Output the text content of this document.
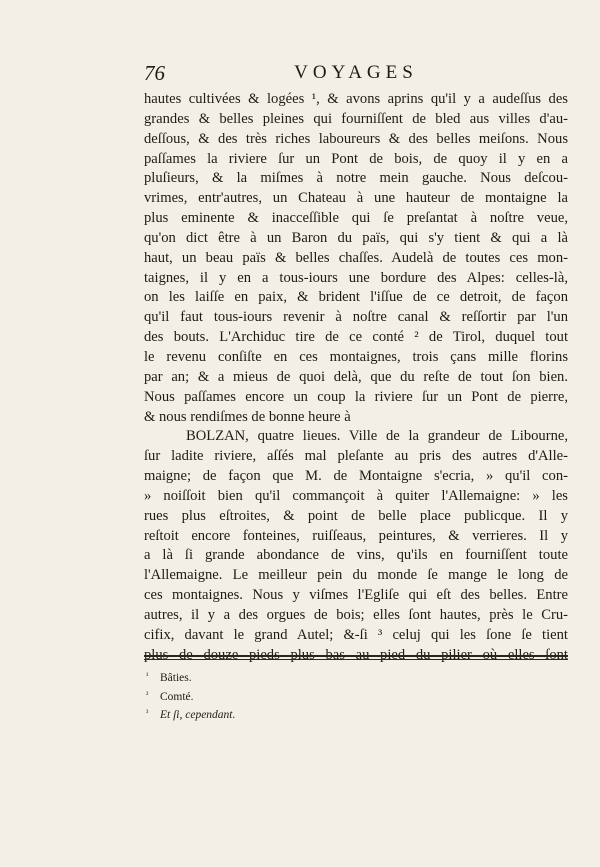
76	VOYAGES
hautes cultivées & logées ¹, & avons aprins qu'il y a audeſſus des
grandes & belles pleines qui fourniſſent de bled aus villes d'au-
deſſous, & des très riches laboureurs & des belles meiſons. Nous
paſſames la riviere ſur un Pont de bois, de quoy il y en a
pluſieurs, & la miſmes à notre mein gauche. Nous deſcou-
vrimes, entr'autres, un Chateau à une hauteur de montaigne la
plus eminente & inacceſſible qui ſe preſantat à noſtre veue,
qu'on dict être à un Baron du païs, qui s'y tient & qui a là
haut, un beau païs & belles chaſſes. Audelà de toutes ces mon-
taignes, il y en a tous-iours une bordure des Alpes: celles-là,
on les laiſſe en paix, & brident l'iſſue de ce detroit, de façon
qu'il faut tous-iours revenir à noſtre canal & reſſortir par l'un
des bouts. L'Archiduc tire de ce conté ² de Tirol, duquel tout
le revenu conſiſte en ces montaignes, trois çans mille florins
par an; & a mieus de quoi delà, que du reſte de tout ſon bien.
Nous paſſames encore un coup la riviere ſur un Pont de pierre,
& nous rendiſmes de bonne heure à
BOLZAN, quatre lieues. Ville de la grandeur de Libourne,
ſur ladite riviere, aſſés mal pleſante au pris des autres d'Alle-
maigne; de façon que M. de Montaigne s'ecria, » qu'il con-
» noiſſoit bien qu'il commançoit à quiter l'Allemaigne: » les
rues plus eſtroites, & point de belle place publicque. Il y
reſtoit encore fonteines, ruiſſeaus, peintures, & verrieres. Il y
a là ſi grande abondance de vins, qu'ils en fourniſſent toute
l'Allemaigne. Le meilleur pein du monde ſe mange le long de
ces montaignes. Nous y viſmes l'Egliſe qui eſt des belles. Entre
autres, il y a des orgues de bois; elles ſont hautes, près le Cru-
cifix, davant le grand Autel; &-ſi ³ celuj qui les ſone ſe tient
plus de douze pieds plus bas au pied du pilier où elles ſont
¹ Bâties.
² Comté.
³ Et ſi, cependant.
